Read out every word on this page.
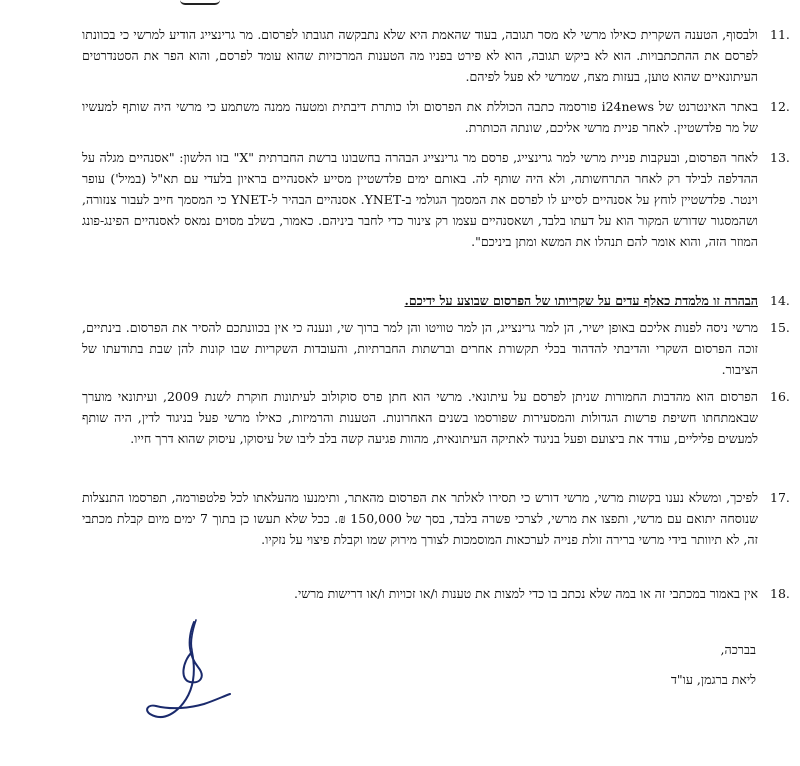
11.
ולבסוף, הטענה השקרית כאילו מרשי לא מסר תגובה, בעוד שהאמת היא שלא נתבקשה תגובתו לפרסום. מר גרינצייג הודיע למרשי כי בכוונתו לפרסם את ההתכתבויות. הוא לא ביקש תגובה, הוא לא פירט בפניו מה הטענות המרכזיות שהוא עומד לפרסם, והוא הפר את הסטנדרטים העיתונאיים שהוא טוען, בעזות מצח, שמרשי לא פעל לפיהם.
12.
באתר האינטרנט של i24news פורסמה כתבה הכוללת את הפרסום ולו כותרת דיבתית ומטעה ממנה משתמע כי מרשי היה שותף למעשיו של מר פלדשטיין. לאחר פניית מרשי אליכם, שונתה הכותרת.
13.
לאחר הפרסום, ובעקבות פניית מרשי למר גרינצייג, פרסם מר גרינצייג הבהרה בחשבונו ברשת החברתית "X" בזו הלשון: "אסנהיים מגלה על ההדלפה לבילד רק לאחר התרחשותה, ולא היה שותף לה. באותם ימים פלדשטיין מסייע לאסנהיים בראיון בלעדי עם תא"ל (במיל') עופר וינטר. פלדשטיין לוחץ על אסנהיים לסייע לו לפרסם את המסמך הגולמי ב-YNET. אסנהיים הבהיר ל-YNET כי המסמך חייב לעבור צנזורה, ושהמסגור שדורש המקור הוא על דעתו בלבד, ושאסנהיים עצמו רק צינור כדי לחבר ביניהם. כאמור, בשלב מסוים נמאס לאסנהיים הפינג-פונג המוזר הזה, והוא אומר להם תנהלו את המשא ומתן ביניכם".
14.
הבהרה זו מלמדת כאלף עדים על שקריותו של הפרסום שבוצע על ידיכם.
15.
מרשי ניסה לפנות אליכם באופן ישיר, הן למר גרינצייג, הן למר טוויטו והן למר ברוך שי, ונענה כי אין בכוונתכם להסיר את הפרסום. בינתיים, זוכה הפרסום השקרי והדיבתי להדהוד בכלי תקשורת אחרים וברשתות החברתיות, והעובדות השקריות שבו קונות להן שבת בתודעתו של הציבור.
16.
הפרסום הוא מהדבות החמורות שניתן לפרסם על עיתונאי. מרשי הוא חתן פרס סוקולוב לעיתונות חוקרת לשנת 2009, ועיתונאי מוערך שבאמתחתו חשיפת פרשות הגדולות והמסעירות שפורסמו בשנים האחרונות. הטענות והרמיזות, כאילו מרשי פעל בניגוד לדין, היה שותף למעשים פליליים, עודד את ביצועם ופעל בניגוד לאתיקה העיתונאית, מהוות פגיעה קשה בלב ליבו של עיסוקו, עיסוק שהוא דרך חייו.
17.
לפיכך, ומשלא נענו בקשות מרשי, מרשי דורש כי תסירו לאלתר את הפרסום מהאתר, ותימנעו מהעלאתו לכל פלטפורמה, תפרסמו התנצלות שנוסחה יתואם עם מרשי, ותפצו את מרשי, לצרכי פשרה בלבד, בסך של 150,000 ₪. ככל שלא תעשו כן בתוך 7 ימים מיום קבלת מכתבי זה, לא תיוותר בידי מרשי ברירה זולת פנייה לערכאות המוסמכות לצורך מירוק שמו וקבלת פיצוי על נזקיו.
18.
אין באמור במכתבי זה או במה שלא נכתב בו כדי למצות את טענות ו/או זכויות ו/או דרישות מרשי.
בברכה,
ליאת ברגמן, עו"ד
